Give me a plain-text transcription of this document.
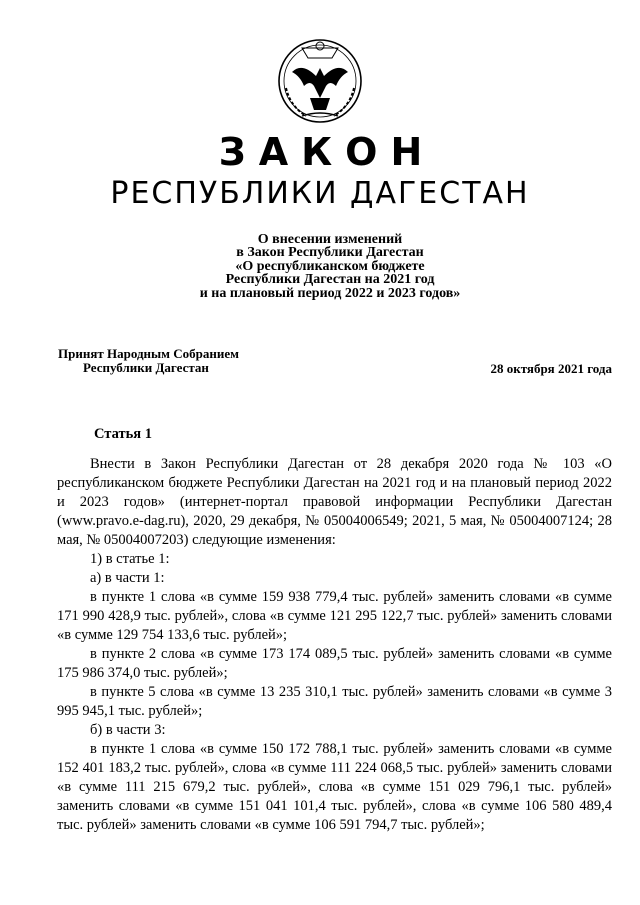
ЗАКОН
РЕСПУБЛИКИ ДАГЕСТАН
О внесении изменений
в Закон Республики Дагестан
«О республиканском бюджете
Республики Дагестан на 2021 год
и на плановый период 2022 и 2023 годов»
Принят Народным Собранием
Республики Дагестан	28 октября 2021 года
Статья 1

Внести в Закон Республики Дагестан от 28 декабря 2020 года № 103 «О республиканском бюджете Республики Дагестан на 2021 год и на плановый период 2022 и 2023 годов» (интернет-портал правовой информации Республики Дагестан (www.pravo.e-dag.ru), 2020, 29 декабря, № 05004006549; 2021, 5 мая, № 05004007124; 28 мая, № 05004007203) следующие изменения:

1) в статье 1:

а) в части 1:

в пункте 1 слова «в сумме 159 938 779,4 тыс. рублей» заменить словами «в сумме 171 990 428,9 тыс. рублей», слова «в сумме 121 295 122,7 тыс. рублей» заменить словами «в сумме 129 754 133,6 тыс. рублей»;

в пункте 2 слова «в сумме 173 174 089,5 тыс. рублей» заменить словами «в сумме 175 986 374,0 тыс. рублей»;

в пункте 5 слова «в сумме 13 235 310,1 тыс. рублей» заменить словами «в сумме 3 995 945,1 тыс. рублей»;

б) в части 3:

в пункте 1 слова «в сумме 150 172 788,1 тыс. рублей» заменить словами «в сумме 152 401 183,2 тыс. рублей», слова «в сумме 111 224 068,5 тыс. рублей» заменить словами «в сумме 111 215 679,2 тыс. рублей», слова «в сумме 151 029 796,1 тыс. рублей» заменить словами «в сумме 151 041 101,4 тыс. рублей», слова «в сумме 106 580 489,4 тыс. рублей» заменить словами «в сумме 106 591 794,7 тыс. рублей»;
